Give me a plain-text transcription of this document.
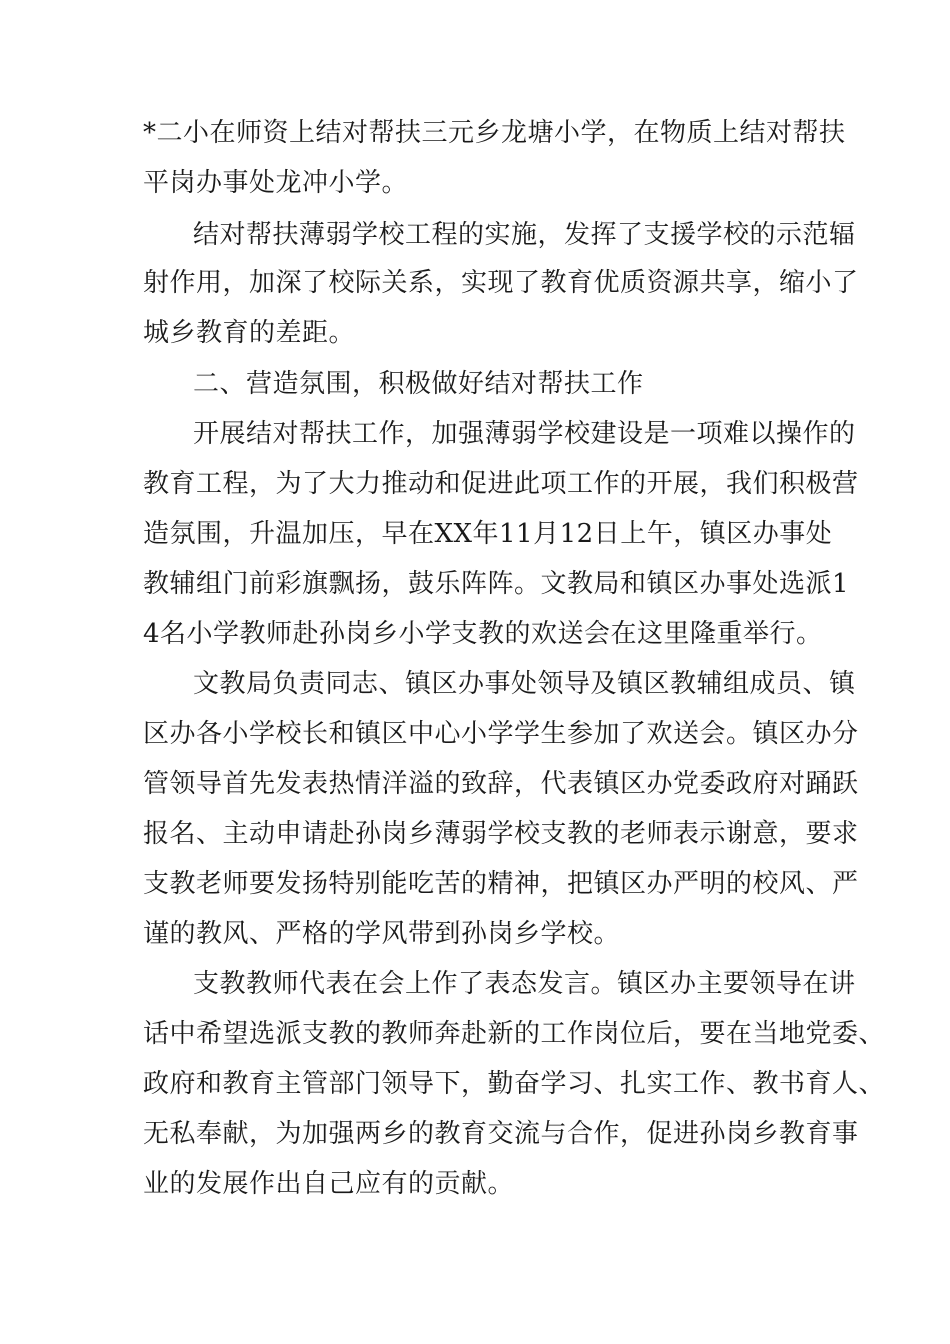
*二小在师资上结对帮扶三元乡龙塘小学，在物质上结对帮扶
平岗办事处龙冲小学。
结对帮扶薄弱学校工程的实施，发挥了支援学校的示范辐
射作用，加深了校际关系，实现了教育优质资源共享，缩小了
城乡教育的差距。
二、营造氛围，积极做好结对帮扶工作
开展结对帮扶工作，加强薄弱学校建设是一项难以操作的
教育工程，为了大力推动和促进此项工作的开展，我们积极营
造氛围，升温加压，早在XX年11月12日上午，镇区办事处
教辅组门前彩旗飘扬，鼓乐阵阵。文教局和镇区办事处选派1
4名小学教师赴孙岗乡小学支教的欢送会在这里隆重举行。
文教局负责同志、镇区办事处领导及镇区教辅组成员、镇
区办各小学校长和镇区中心小学学生参加了欢送会。镇区办分
管领导首先发表热情洋溢的致辞，代表镇区办党委政府对踊跃
报名、主动申请赴孙岗乡薄弱学校支教的老师表示谢意，要求
支教老师要发扬特别能吃苦的精神，把镇区办严明的校风、严
谨的教风、严格的学风带到孙岗乡学校。
支教教师代表在会上作了表态发言。镇区办主要领导在讲
话中希望选派支教的教师奔赴新的工作岗位后，要在当地党委、
政府和教育主管部门领导下，勤奋学习、扎实工作、教书育人、
无私奉献，为加强两乡的教育交流与合作，促进孙岗乡教育事
业的发展作出自己应有的贡献。
